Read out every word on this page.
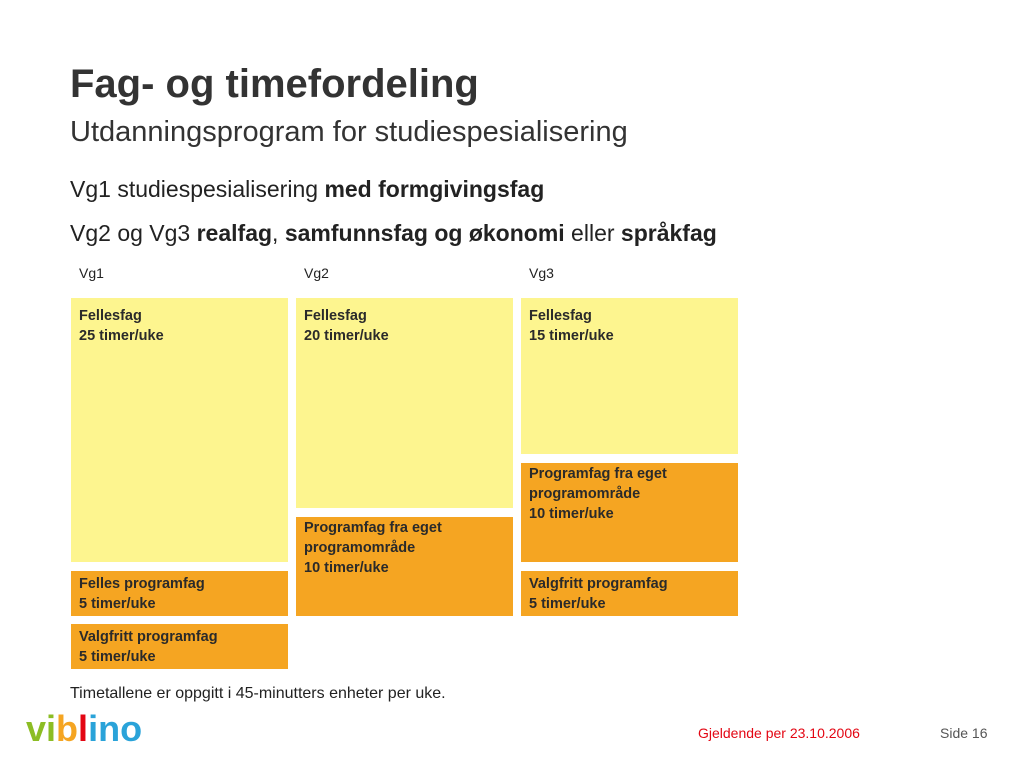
Fag- og timefordeling
Utdanningsprogram for studiespesialisering
Vg1 studiespesialisering med formgivingsfag
Vg2 og Vg3 realfag, samfunnsfag og økonomi eller språkfag
Vg1	Vg2	Vg3
Fellesfag
25 timer/uke
Felles programfag
5 timer/uke
Valgfritt programfag
5 timer/uke
Fellesfag
20 timer/uke
Programfag fra eget
programområde
10 timer/uke
Fellesfag
15 timer/uke
Programfag fra eget
programområde
10 timer/uke
Valgfritt programfag
5 timer/uke
Timetallene er oppgitt i 45-minutters enheter per uke.
viblino	Gjeldende per 23.10.2006	Side 16
